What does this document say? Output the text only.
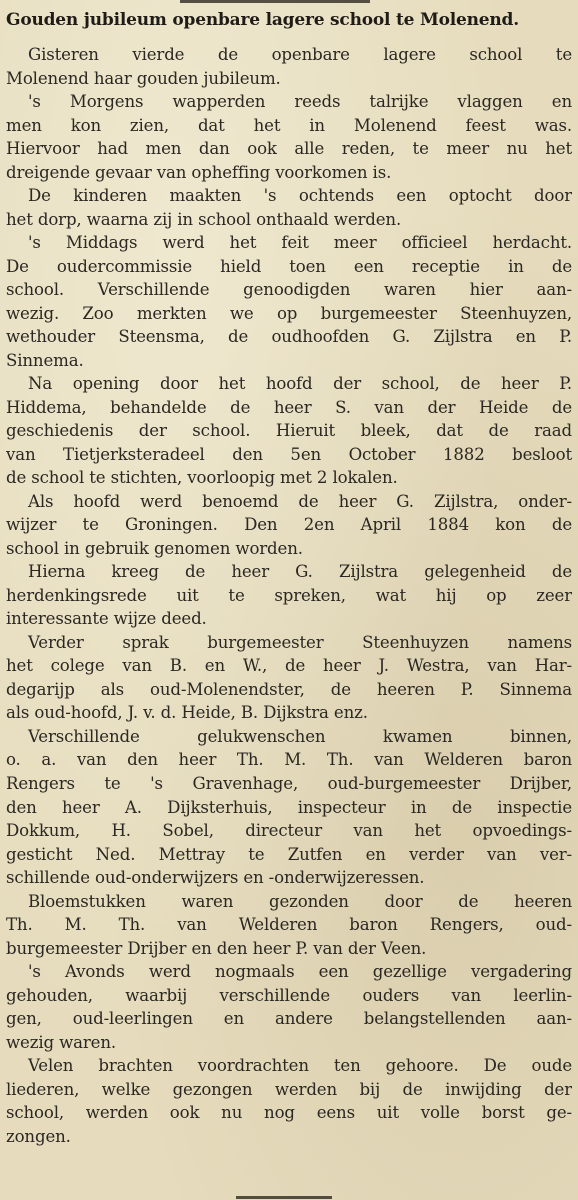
Gouden jubileum openbare lagere school te Molenend.
Gisteren vierde de openbare lagere school te
Molenend haar gouden jubileum.
's Morgens wapperden reeds talrijke vlaggen en
men kon zien, dat het in Molenend feest was.
Hiervoor had men dan ook alle reden, te meer nu het
dreigende gevaar van opheffing voorkomen is.
De kinderen maakten 's ochtends een optocht door
het dorp, waarna zij in school onthaald werden.
's Middags werd het feit meer officieel herdacht.
De oudercommissie hield toen een receptie in de
school. Verschillende genoodigden waren hier aan-
wezig. Zoo merkten we op burgemeester Steenhuyzen,
wethouder Steensma, de oudhoofden G. Zijlstra en P.
Sinnema.
Na opening door het hoofd der school, de heer P.
Hiddema, behandelde de heer S. van der Heide de
geschiedenis der school. Hieruit bleek, dat de raad
van Tietjerksteradeel den 5en October 1882 besloot
de school te stichten, voorloopig met 2 lokalen.
Als hoofd werd benoemd de heer G. Zijlstra, onder-
wijzer te Groningen. Den 2en April 1884 kon de
school in gebruik genomen worden.
Hierna kreeg de heer G. Zijlstra gelegenheid de
herdenkingsrede uit te spreken, wat hij op zeer
interessante wijze deed.
Verder sprak burgemeester Steenhuyzen namens
het colege van B. en W., de heer J. Westra, van Har-
degarijp als oud-Molenendster, de heeren P. Sinnema
als oud-hoofd, J. v. d. Heide, B. Dijkstra enz.
Verschillende gelukwenschen kwamen binnen,
o. a. van den heer Th. M. Th. van Welderen baron
Rengers te 's Gravenhage, oud-burgemeester Drijber,
den heer A. Dijksterhuis, inspecteur in de inspectie
Dokkum, H. Sobel, directeur van het opvoedings-
gesticht Ned. Mettray te Zutfen en verder van ver-
schillende oud-onderwijzers en -onderwijzeressen.
Bloemstukken waren gezonden door de heeren
Th. M. Th. van Welderen baron Rengers, oud-
burgemeester Drijber en den heer P. van der Veen.
's Avonds werd nogmaals een gezellige vergadering
gehouden, waarbij verschillende ouders van leerlin-
gen, oud-leerlingen en andere belangstellenden aan-
wezig waren.
Velen brachten voordrachten ten gehoore. De oude
liederen, welke gezongen werden bij de inwijding der
school, werden ook nu nog eens uit volle borst ge-
zongen.
